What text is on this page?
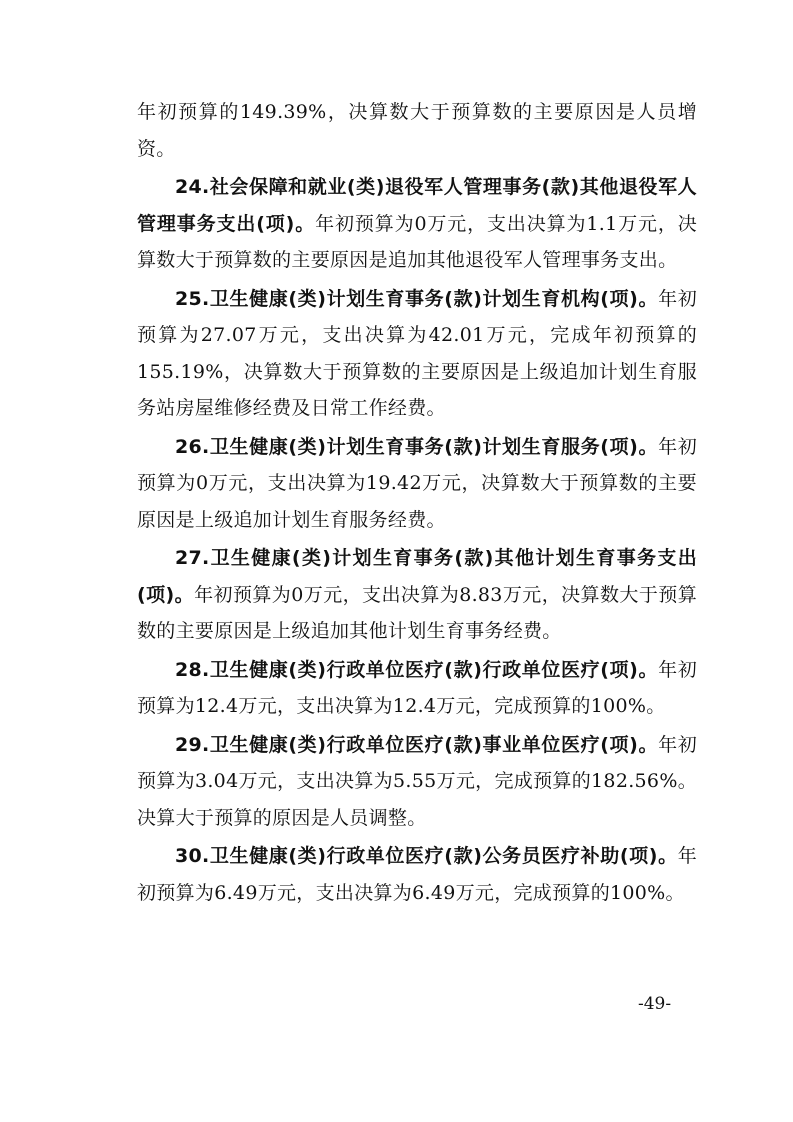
年初预算的149.39%，决算数大于预算数的主要原因是人员增资。

24.社会保障和就业(类)退役军人管理事务(款)其他退役军人管理事务支出(项)。年初预算为0万元，支出决算为1.1万元，决算数大于预算数的主要原因是追加其他退役军人管理事务支出。

25.卫生健康(类)计划生育事务(款)计划生育机构(项)。年初预算为27.07万元，支出决算为42.01万元，完成年初预算的155.19%，决算数大于预算数的主要原因是上级追加计划生育服务站房屋维修经费及日常工作经费。

26.卫生健康(类)计划生育事务(款)计划生育服务(项)。年初预算为0万元，支出决算为19.42万元，决算数大于预算数的主要原因是上级追加计划生育服务经费。

27.卫生健康(类)计划生育事务(款)其他计划生育事务支出(项)。年初预算为0万元，支出决算为8.83万元，决算数大于预算数的主要原因是上级追加其他计划生育事务经费。

28.卫生健康(类)行政单位医疗(款)行政单位医疗(项)。年初预算为12.4万元，支出决算为12.4万元，完成预算的100%。

29.卫生健康(类)行政单位医疗(款)事业单位医疗(项)。年初预算为3.04万元，支出决算为5.55万元，完成预算的182.56%。决算大于预算的原因是人员调整。

30.卫生健康(类)行政单位医疗(款)公务员医疗补助(项)。年初预算为6.49万元，支出决算为6.49万元，完成预算的100%。

-49-
